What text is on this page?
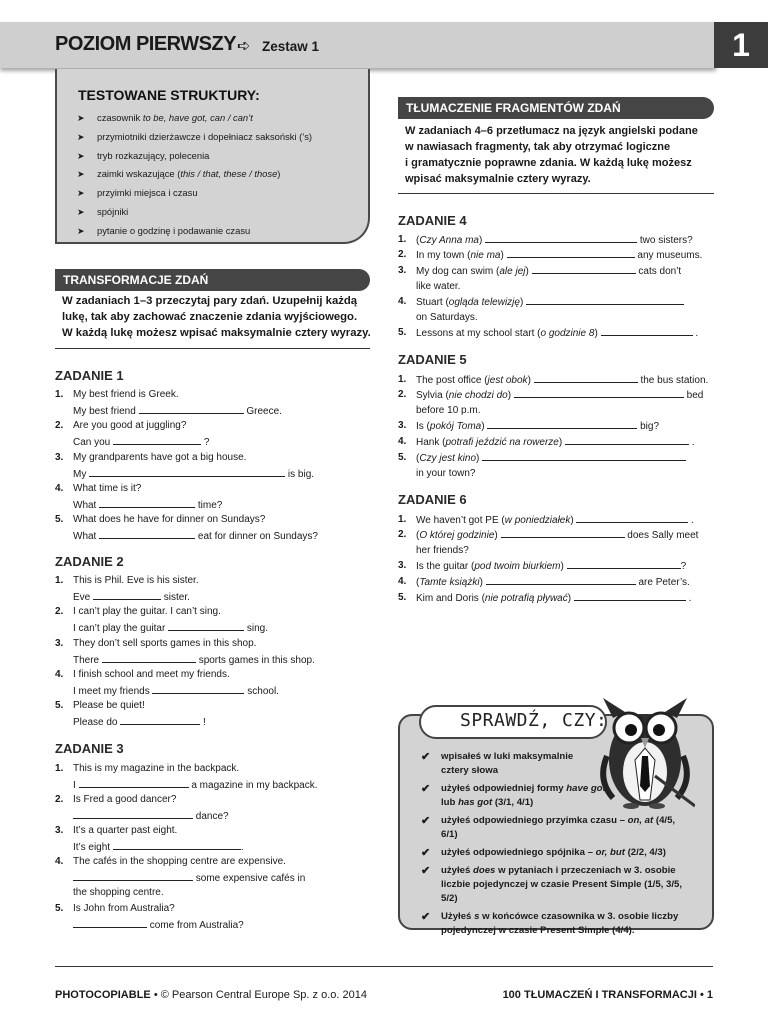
POZIOM PIERWSZY ➪ Zestaw 1	1
TESTOWANE STRUKTURY:
➤ czasownik to be, have got, can / can’t
➤ przymiotniki dzierżawcze i dopełniacz saksoński (’s)
➤ tryb rozkazujący, polecenia
➤ zaimki wskazujące (this / that, these / those)
➤ przyimki miejsca i czasu
➤ spójniki
➤ pytanie o godzinę i podawanie czasu
TRANSFORMACJE ZDAŃ
W zadaniach 1–3 przeczytaj pary zdań. Uzupełnij każdą
lukę, tak aby zachować znaczenie zdania wyjściowego.
W każdą lukę możesz wpisać maksymalnie cztery wyrazy.
TŁUMACZENIE FRAGMENTÓW ZDAŃ
W zadaniach 4–6 przetłumacz na język angielski podane
w nawiasach fragmenty, tak aby otrzymać logiczne
i gramatycznie poprawne zdania. W każdą lukę możesz
wpisać maksymalnie cztery wyrazy.
ZADANIE 1
1. My best friend is Greek.
My best friend	Greece.
2. Are you good at juggling?
Can you	?
3. My grandparents have got a big house.
My	is big.
4. What time is it?
What	time?
5. What does he have for dinner on Sundays?
What	eat for dinner on Sundays?
ZADANIE 2
1. This is Phil. Eve is his sister.
Eve	sister.
2. I can’t play the guitar. I can’t sing.
I can’t play the guitar	sing.
3. They don’t sell sports games in this shop.
There	sports games in this shop.
4. I finish school and meet my friends.
I meet my friends	school.
5. Please be quiet!
Please do	!
ZADANIE 3
1. This is my magazine in the backpack.
I	a magazine in my backpack.
2. Is Fred a good dancer?
dance?
3. It’s a quarter past eight.
It’s eight	.
4. The cafés in the shopping centre are expensive.
some expensive cafés in
the shopping centre.
5. Is John from Australia?
come from Australia?
ZADANIE 4
1. (Czy Anna ma)	two sisters?
2. In my town (nie ma)	any museums.
3. My dog can swim (ale jej)	cats don’t
like water.
4. Stuart (ogląda telewizję)
on Saturdays.
5. Lessons at my school start (o godzinie 8)	.
ZADANIE 5
1. The post office (jest obok)	the bus station.
2. Sylvia (nie chodzi do)	bed
before 10 p.m.
3. Is (pokój Toma)	big?
4. Hank (potrafi jeździć na rowerze)	.
5. (Czy jest kino)
in your town?
ZADANIE 6
1. We haven’t got PE (w poniedziałek)	.
2. (O której godzinie)	does Sally meet
her friends?
3. Is the guitar (pod twoim biurkiem)	?
4. (Tamte książki)	are Peter’s.
5. Kim and Doris (nie potrafią pływać)	.
SPRAWDŹ, CZY:
✔ wpisałeś w luki maksymalnie cztery słowa
✔ użyłeś odpowiedniej formy have got lub has got (3/1, 4/1)
✔ użyłeś odpowiedniego przyimka czasu – on, at (4/5, 6/1)
✔ użyłeś odpowiedniego spójnika – or, but (2/2, 4/3)
✔ użyłeś does w pytaniach i przeczeniach w 3. osobie liczbie pojedynczej w czasie Present Simple (1/5, 3/5, 5/2)
✔ Użyłeś s w końcówce czasownika w 3. osobie liczby pojedynczej w czasie Present Simple (4/4).
PHOTOCOPIABLE • © Pearson Central Europe Sp. z o.o. 2014	100 TŁUMACZEŃ I TRANSFORMACJI • 1
